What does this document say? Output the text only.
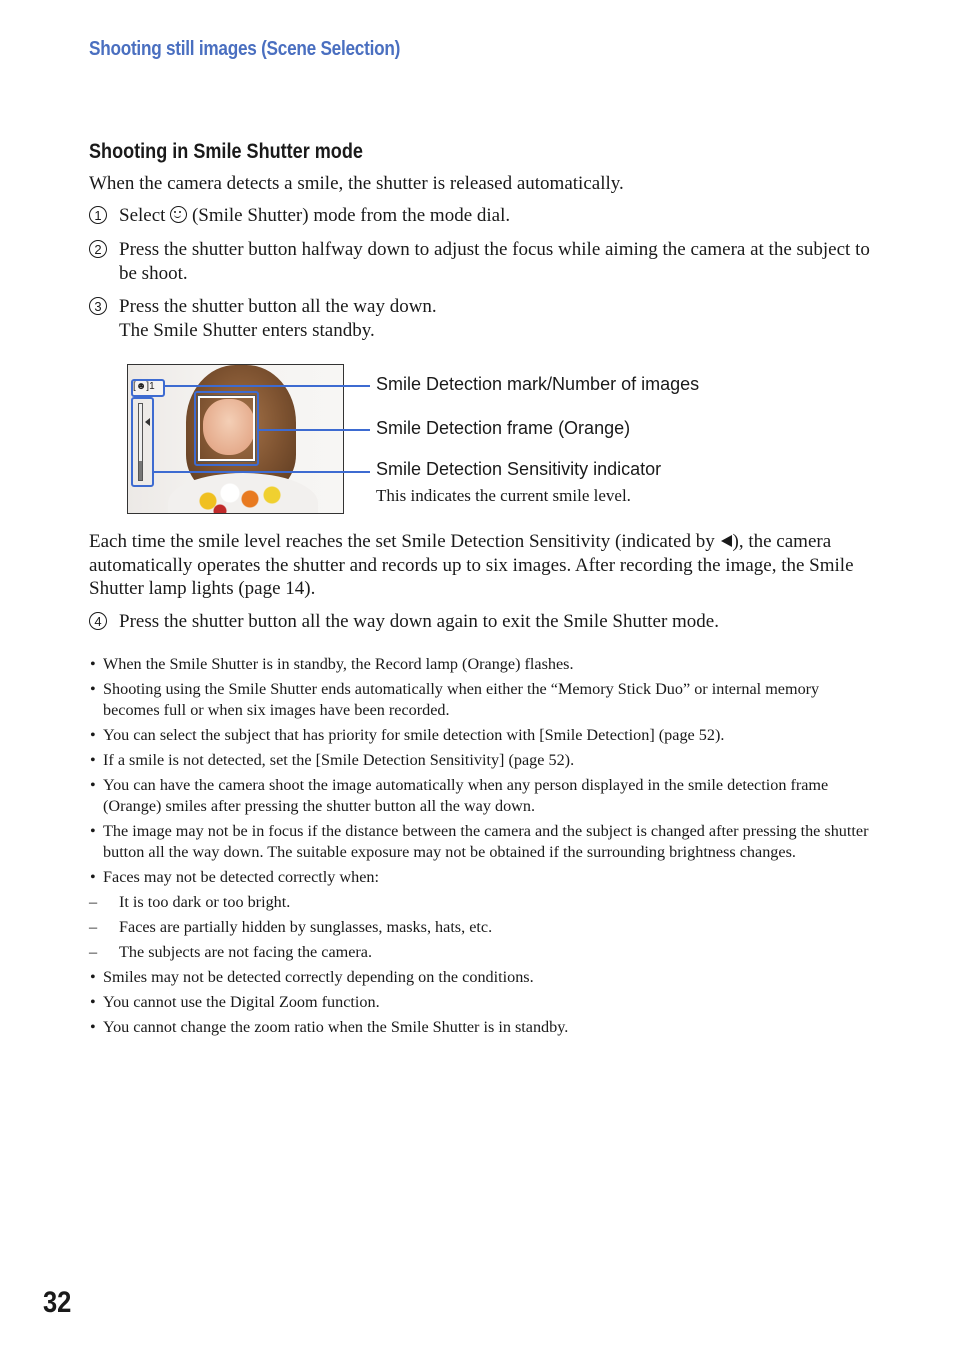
Shooting still images (Scene Selection)
Shooting in Smile Shutter mode

When the camera detects a smile, the shutter is released automatically.

1 Select  (Smile Shutter) mode from the mode dial.
2 Press the shutter button halfway down to adjust the focus while aiming the camera at the subject to be shoot.
3 Press the shutter button all the way down.
The Smile Shutter enters standby.
[☻]1	Smile Detection mark/Number of images
Smile Detection frame (Orange)
Smile Detection Sensitivity indicator
This indicates the current smile level.

Each time the smile level reaches the set Smile Detection Sensitivity (indicated by ), the camera automatically operates the shutter and records up to six images. After recording the image, the Smile Shutter lamp lights (page 14).

4 Press the shutter button all the way down again to exit the Smile Shutter mode.
• When the Smile Shutter is in standby, the Record lamp (Orange) flashes.
• Shooting using the Smile Shutter ends automatically when either the “Memory Stick Duo” or internal memory becomes full or when six images have been recorded.
• You can select the subject that has priority for smile detection with [Smile Detection] (page 52).
• If a smile is not detected, set the [Smile Detection Sensitivity] (page 52).
• You can have the camera shoot the image automatically when any person displayed in the smile detection frame (Orange) smiles after pressing the shutter button all the way down.
• The image may not be in focus if the distance between the camera and the subject is changed after pressing the shutter button all the way down. The suitable exposure may not be obtained if the surrounding brightness changes.
• Faces may not be detected correctly when:
– It is too dark or too bright.
– Faces are partially hidden by sunglasses, masks, hats, etc.
– The subjects are not facing the camera.
• Smiles may not be detected correctly depending on the conditions.
• You cannot use the Digital Zoom function.
• You cannot change the zoom ratio when the Smile Shutter is in standby.
32
